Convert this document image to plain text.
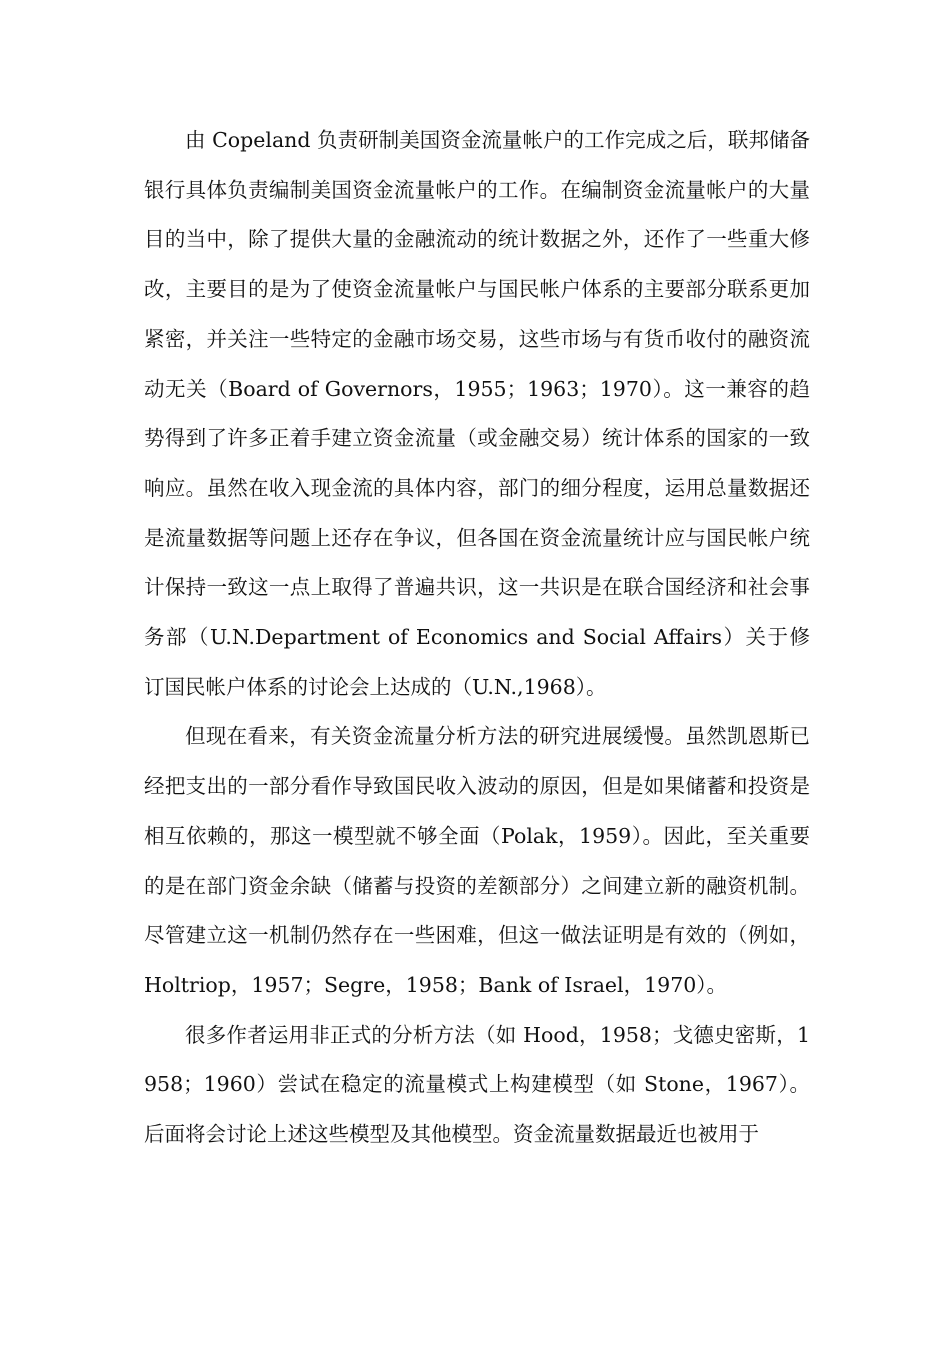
由 Copeland 负责研制美国资金流量帐户的工作完成之后，联邦储备银行具体负责编制美国资金流量帐户的工作。在编制资金流量帐户的大量目的当中，除了提供大量的金融流动的统计数据之外，还作了一些重大修改，主要目的是为了使资金流量帐户与国民帐户体系的主要部分联系更加紧密，并关注一些特定的金融市场交易，这些市场与有货币收付的融资流动无关（Board of Governors，1955；1963；1970）。这一兼容的趋势得到了许多正着手建立资金流量（或金融交易）统计体系的国家的一致响应。虽然在收入现金流的具体内容，部门的细分程度，运用总量数据还是流量数据等问题上还存在争议，但各国在资金流量统计应与国民帐户统计保持一致这一点上取得了普遍共识，这一共识是在联合国经济和社会事务部（U.N.Department of Economics and Social Affairs）关于修订国民帐户体系的讨论会上达成的（U.N.,1968）。

但现在看来，有关资金流量分析方法的研究进展缓慢。虽然凯恩斯已经把支出的一部分看作导致国民收入波动的原因，但是如果储蓄和投资是相互依赖的，那这一模型就不够全面（Polak，1959）。因此，至关重要的是在部门资金余缺（储蓄与投资的差额部分）之间建立新的融资机制。尽管建立这一机制仍然存在一些困难，但这一做法证明是有效的（例如，Holtriop，1957；Segre，1958；Bank of Israel，1970）。

很多作者运用非正式的分析方法（如 Hood，1958；戈德史密斯，1958；1960）尝试在稳定的流量模式上构建模型（如 Stone，1967）。后面将会讨论上述这些模型及其他模型。资金流量数据最近也被用于
